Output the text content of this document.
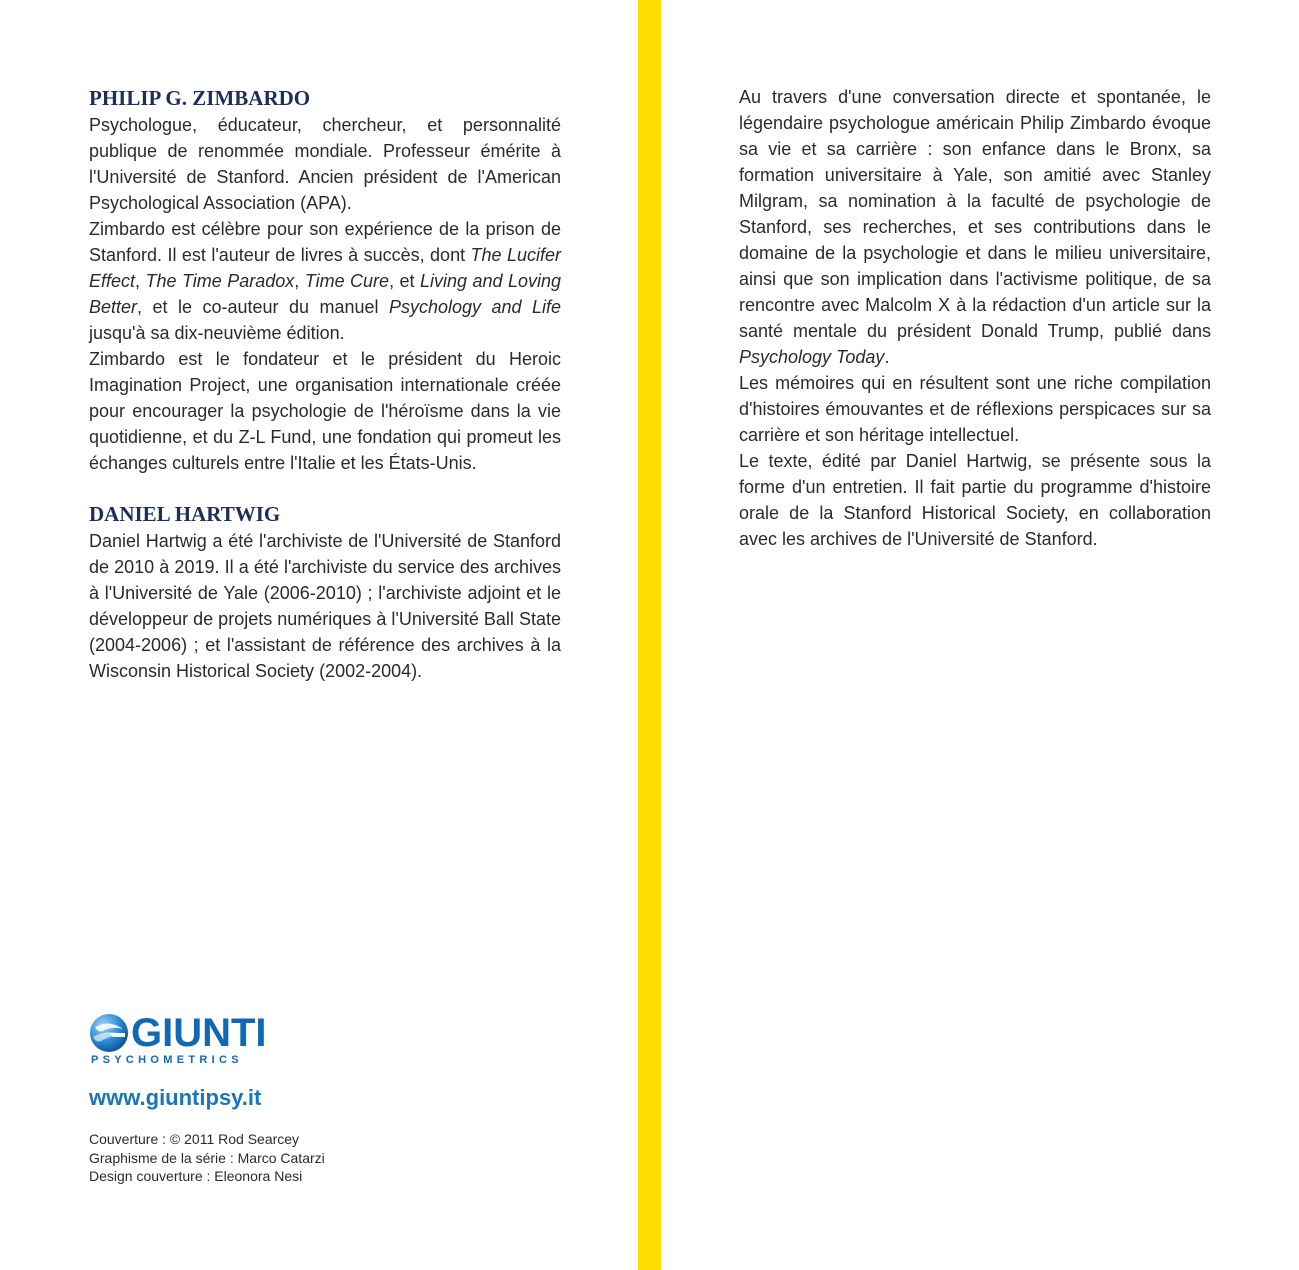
PHILIP G. ZIMBARDO

Psychologue, éducateur, chercheur, et personnalité publique de renommée mondiale. Professeur émérite à l'Université de Stanford. Ancien président de l'American Psychological Association (APA).

Zimbardo est célèbre pour son expérience de la prison de Stanford. Il est l'auteur de livres à succès, dont The Lucifer Effect, The Time Paradox, Time Cure, et Living and Loving Better, et le co-auteur du manuel Psychology and Life jusqu'à sa dix-neuvième édition.

Zimbardo est le fondateur et le président du Heroic Imagination Project, une organisation internationale créée pour encourager la psychologie de l'héroïsme dans la vie quotidienne, et du Z-L Fund, une fondation qui promeut les échanges culturels entre l'Italie et les États-Unis.

DANIEL HARTWIG

Daniel Hartwig a été l'archiviste de l'Université de Stanford de 2010 à 2019. Il a été l'archiviste du service des archives à l'Université de Yale (2006-2010) ; l'archiviste adjoint et le développeur de projets numériques à l'Université Ball State (2004-2006) ; et l'assistant de référence des archives à la Wisconsin Historical Society (2002-2004).

Au travers d'une conversation directe et spontanée, le légendaire psychologue américain Philip Zimbardo évoque sa vie et sa carrière : son enfance dans le Bronx, sa formation universitaire à Yale, son amitié avec Stanley Milgram, sa nomination à la faculté de psychologie de Stanford, ses recherches, et ses contributions dans le domaine de la psychologie et dans le milieu universitaire, ainsi que son implication dans l'activisme politique, de sa rencontre avec Malcolm X à la rédaction d'un article sur la santé mentale du président Donald Trump, publié dans Psychology Today.

Les mémoires qui en résultent sont une riche compilation d'histoires émouvantes et de réflexions perspicaces sur sa carrière et son héritage intellectuel.

Le texte, édité par Daniel Hartwig, se présente sous la forme d'un entretien. Il fait partie du programme d'histoire orale de la Stanford Historical Society, en collaboration avec les archives de l'Université de Stanford.

GIUNTI
PSYCHOMETRICS
www.giuntipsy.it
Couverture : © 2011 Rod Searcey
Graphisme de la série : Marco Catarzi
Design couverture : Eleonora Nesi
